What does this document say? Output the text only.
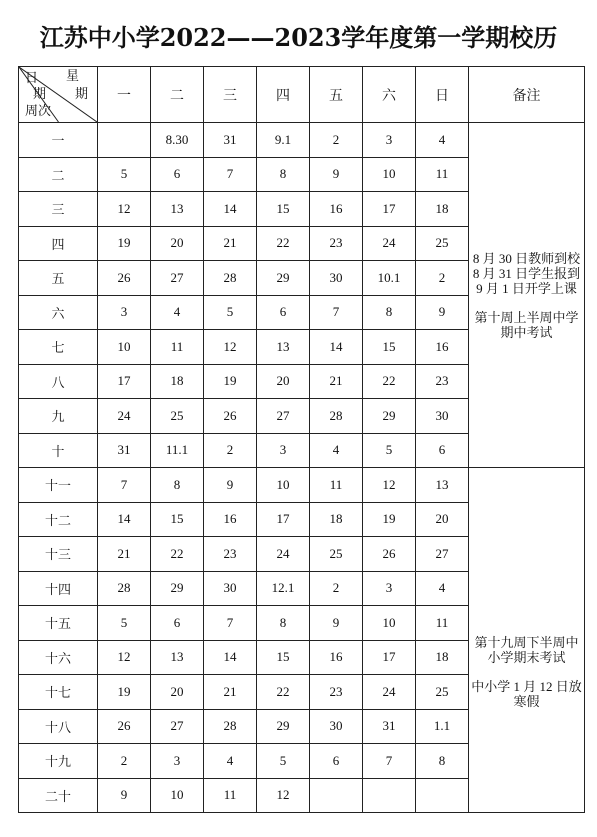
江苏中小学2022——2023学年度第一学期校历
日 星
期 期
周次	一	二	三	四	五	六	日	备注
一		8.30	31	9.1	2	3	4	8 月 30 日教师到校
8 月 31 日学生报到
9 月 1 日开学上课
第十周上半周中学期中考试

二	5	6	7	8	9	10	11	
三	12	13	14	15	16	17	18	
四	19	20	21	22	23	24	25	
五	26	27	28	29	30	10.1	2	
六	3	4	5	6	7	8	9	
七	10	11	12	13	14	15	16	
八	17	18	19	20	21	22	23	
九	24	25	26	27	28	29	30	
十	31	11.1	2	3	4	5	6	
十一	7	8	9	10	11	12	13	第十九周下半周中小学期末考试
中小学 1 月 12 日放寒假

十二	14	15	16	17	18	19	20	
十三	21	22	23	24	25	26	27	
十四	28	29	30	12.1	2	3	4	
十五	5	6	7	8	9	10	11	
十六	12	13	14	15	16	17	18	
十七	19	20	21	22	23	24	25	
十八	26	27	28	29	30	31	1.1	
十九	2	3	4	5	6	7	8	
二十	9	10	11	12				
